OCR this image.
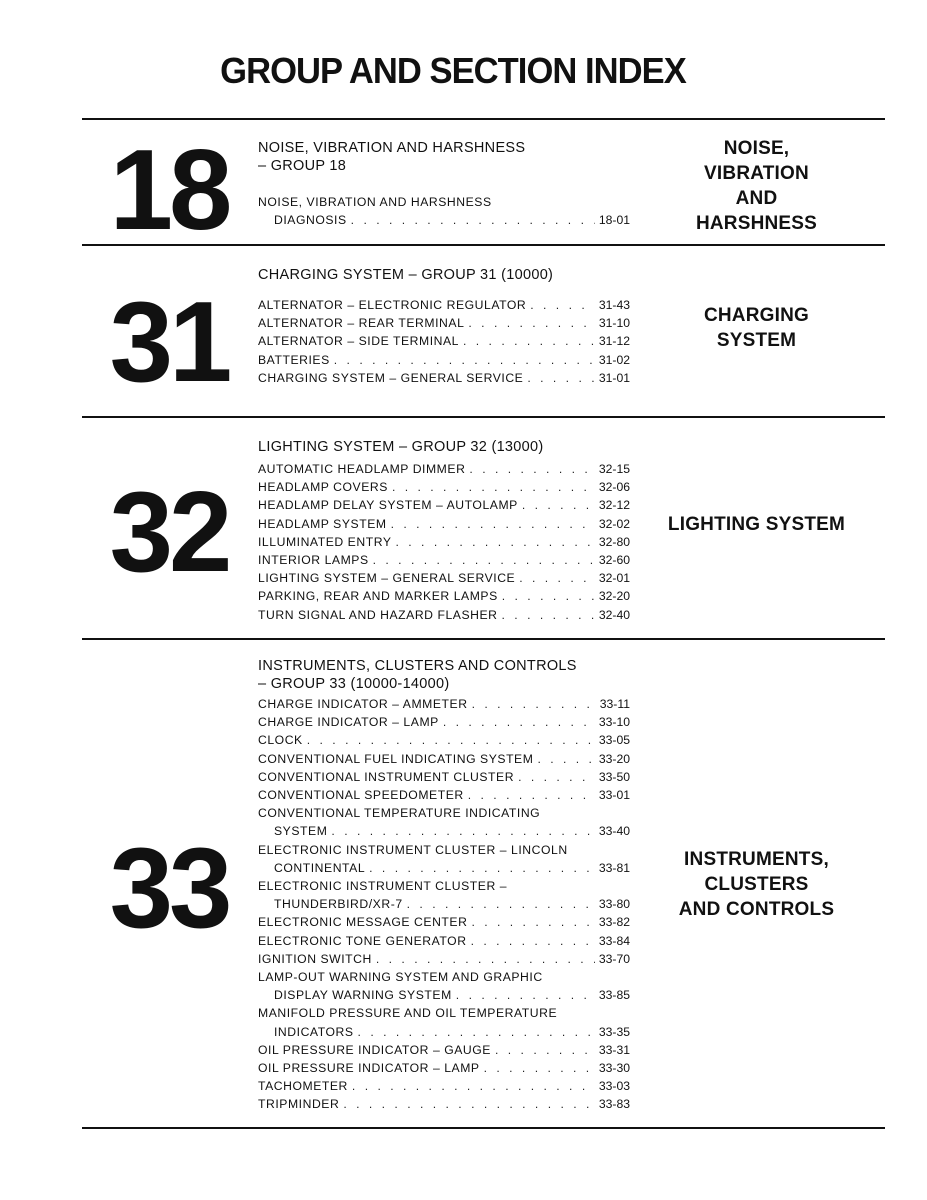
GROUP AND SECTION INDEX
18	NOISE, VIBRATION AND HARSHNESS
– GROUP 18
NOISE, VIBRATION AND HARSHNESS
DIAGNOSIS . . .	18-01
NOISE,
VIBRATION
AND
HARSHNESS
31
CHARGING SYSTEM – GROUP 31 (10000)
ALTERNATOR – ELECTRONIC REGULATOR . . .	31-43
ALTERNATOR – REAR TERMINAL . . .	31-10
ALTERNATOR – SIDE TERMINAL . . .	31-12
BATTERIES . . .	31-02
CHARGING SYSTEM – GENERAL SERVICE . . .	31-01
CHARGING
SYSTEM
32
LIGHTING SYSTEM – GROUP 32 (13000)
AUTOMATIC HEADLAMP DIMMER . . .	32-15
HEADLAMP COVERS . . .	32-06
HEADLAMP DELAY SYSTEM – AUTOLAMP . . .	32-12
HEADLAMP SYSTEM . . .	32-02
ILLUMINATED ENTRY . . .	32-80
INTERIOR LAMPS . . .	32-60
LIGHTING SYSTEM – GENERAL SERVICE . . .	32-01
PARKING, REAR AND MARKER LAMPS . . .	32-20
TURN SIGNAL AND HAZARD FLASHER . . .	32-40
LIGHTING SYSTEM
33
INSTRUMENTS, CLUSTERS AND CONTROLS
– GROUP 33 (10000-14000)
CHARGE INDICATOR – AMMETER . . .	33-11
CHARGE INDICATOR – LAMP . . .	33-10
CLOCK . . .	33-05
CONVENTIONAL FUEL INDICATING SYSTEM . . .	33-20
CONVENTIONAL INSTRUMENT CLUSTER . . .	33-50
CONVENTIONAL SPEEDOMETER . . .	33-01
CONVENTIONAL TEMPERATURE INDICATING
SYSTEM . . .	33-40
ELECTRONIC INSTRUMENT CLUSTER – LINCOLN
CONTINENTAL . . .	33-81
ELECTRONIC INSTRUMENT CLUSTER –
THUNDERBIRD/XR-7 . . .	33-80
ELECTRONIC MESSAGE CENTER . . .	33-82
ELECTRONIC TONE GENERATOR . . .	33-84
IGNITION SWITCH . . .	33-70
LAMP-OUT WARNING SYSTEM AND GRAPHIC
DISPLAY WARNING SYSTEM . . .	33-85
MANIFOLD PRESSURE AND OIL TEMPERATURE
INDICATORS . . .	33-35
OIL PRESSURE INDICATOR – GAUGE . . .	33-31
OIL PRESSURE INDICATOR – LAMP . . .	33-30
TACHOMETER . . .	33-03
TRIPMINDER . . .	33-83
INSTRUMENTS,
CLUSTERS
AND CONTROLS
